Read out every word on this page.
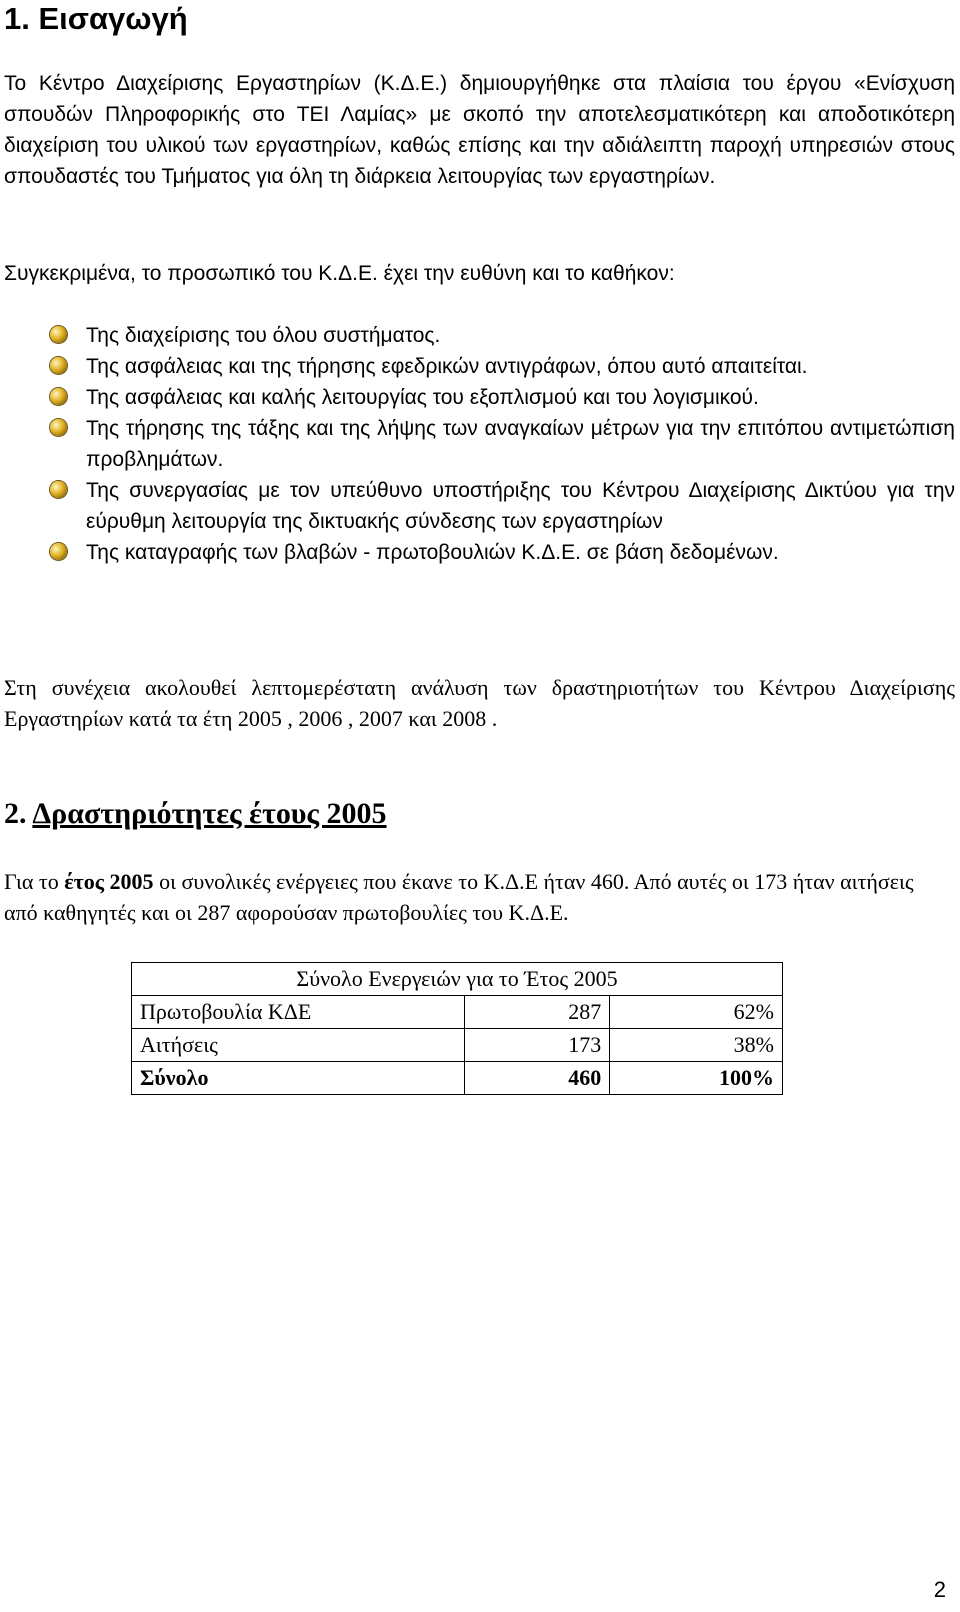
1. Εισαγωγή

Το Κέντρο Διαχείρισης Εργαστηρίων (Κ.Δ.Ε.) δημιουργήθηκε στα πλαίσια του έργου «Ενίσχυση σπουδών Πληροφορικής στο ΤΕΙ Λαμίας» με σκοπό την αποτελεσματικότερη και αποδοτικότερη διαχείριση του υλικού των εργαστηρίων, καθώς επίσης και την αδιάλειπτη παροχή υπηρεσιών στους σπουδαστές του Τμήματος για όλη τη διάρκεια λειτουργίας των εργαστηρίων.

Συγκεκριμένα, το προσωπικό του Κ.Δ.Ε. έχει την ευθύνη και το καθήκον:

Της διαχείρισης του όλου συστήματος.
Της ασφάλειας και της τήρησης εφεδρικών αντιγράφων, όπου αυτό απαιτείται.
Της ασφάλειας και καλής λειτουργίας του εξοπλισμού και του λογισμικού.
Της τήρησης της τάξης και της λήψης των αναγκαίων μέτρων για την επιτόπου αντιμετώπιση προβλημάτων.
Της συνεργασίας με τον υπεύθυνο υποστήριξης του Κέντρου Διαχείρισης Δικτύου για την εύρυθμη λειτουργία της δικτυακής σύνδεσης των εργαστηρίων
Της καταγραφής των βλαβών - πρωτοβουλιών Κ.Δ.Ε. σε βάση δεδομένων.

Στη συνέχεια ακολουθεί λεπτομερέστατη ανάλυση των δραστηριοτήτων του Κέντρου Διαχείρισης Εργαστηρίων κατά τα έτη 2005 , 2006 , 2007 και 2008 .

2. Δραστηριότητες έτους 2005

Για το έτος 2005 οι συνολικές ενέργειες που έκανε το Κ.Δ.Ε ήταν 460. Από αυτές οι 173 ήταν αιτήσεις από καθηγητές και οι 287 αφορούσαν πρωτοβουλίες του Κ.Δ.Ε.

Σύνολο Ενεργειών για το Έτος 2005		
Πρωτοβουλία ΚΔΕ	287	62%
Αιτήσεις	173	38%
Σύνολο	460	100%
2
